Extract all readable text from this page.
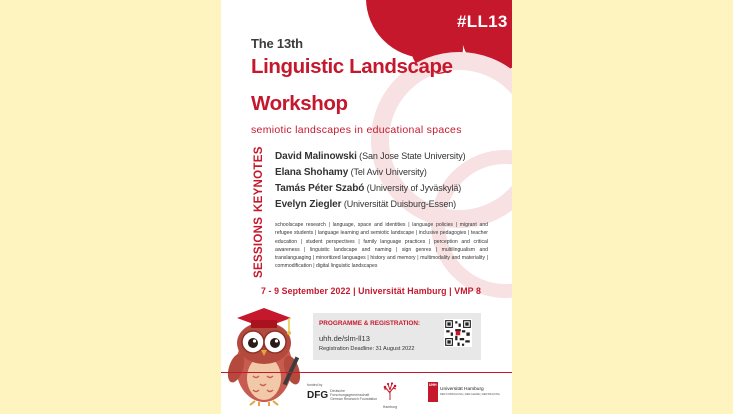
#LL13
The 13th
Linguistic Landscape
Workshop
semiotic landscapes in educational spaces
KEYNOTES David Malinowski (San Jose State University)
Elana Shohamy (Tel Aviv University)
Tamás Péter Szabó (University of Jyväskylä)
Evelyn Ziegler (Universität Duisburg-Essen)
SESSIONS schoolscape research | language, space and identities | language policies | migrant and refugee students | language learning and semiotic landscape | inclusive pedagogies | teacher education | student perspectives | family language practices | perception and critical awareness | linguistic landscape and naming | sign genres | multilingualism and translanguaging | minoritized languages | history and memory | multimodality and materiality | commodification | digital linguistic landscapes
7 - 9 September 2022 | Universität Hamburg | VMP 8
PROGRAMME & REGISTRATION:
uhh.de/slm-ll13
Registration Deadline: 31 August 2022
funded by
DFG Deutsche
Forschungsgemeinschaft
German Research Foundation
Hamburg
UHH
Universität Hamburg
DER FORSCHUNG | DER LEHRE | DER BILDUNG
